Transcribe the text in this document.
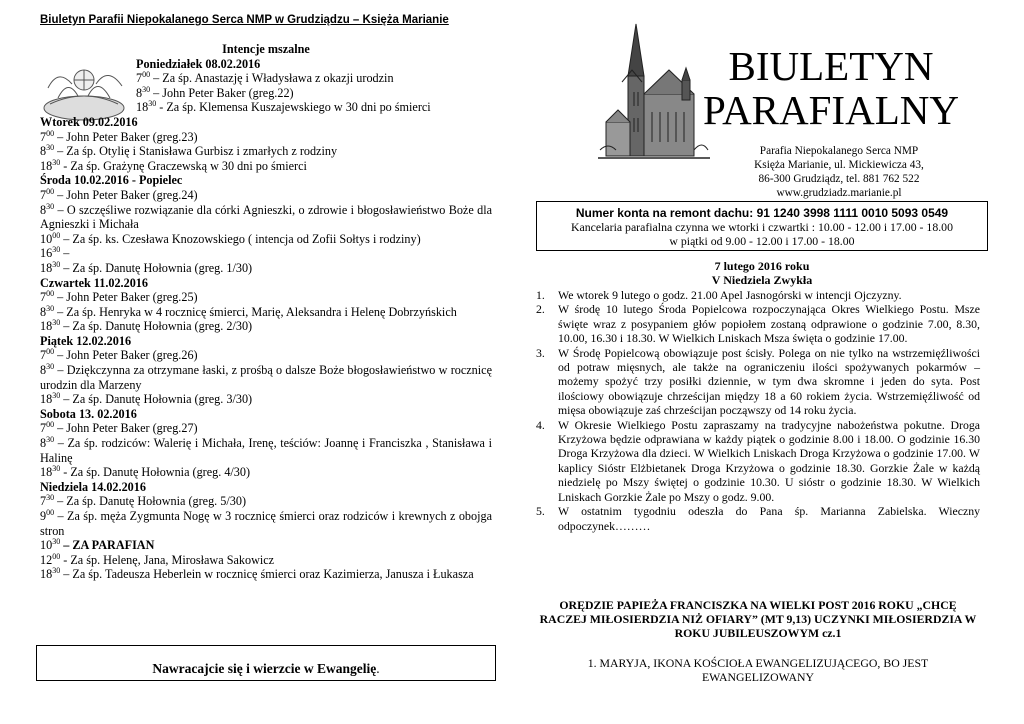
Biuletyn Parafii Niepokalanego Serca NMP w Grudziądzu – Księża Marianie
Intencje mszalne
Poniedziałek 08.02.2016
$7^{00}$ – Za śp. Anastazję i Władysława z okazji urodzin
$8^{30}$ – John Peter Baker (greg.22)
$18^{30}$ - Za śp. Klemensa Kuszajewskiego w 30 dni po śmierci
Wtorek 09.02.2016
$7^{00}$ – John Peter Baker (greg.23)
$8^{30}$ – Za śp. Otylię i Stanisława Gurbisz i zmarłych z rodziny
$18^{30}$ - Za śp. Grażynę Graczewską w 30 dni po śmierci
Środa 10.02.2016 - Popielec
$7^{00}$ – John Peter Baker (greg.24)
$8^{30}$ – O szczęśliwe rozwiązanie dla córki Agnieszki, o zdrowie i błogosławieństwo Boże dla Agnieszki i Michała
$10^{00}$ – Za śp. ks. Czesława Knozowskiego ( intencja od Zofii Sołtys i rodziny)
$16^{30}$ –
$18^{30}$ – Za śp. Danutę Hołownia (greg. 1/30)
Czwartek 11.02.2016
$7^{00}$ – John Peter Baker (greg.25)
$8^{30}$ – Za śp. Henryka w 4 rocznicę śmierci, Marię, Aleksandra i Helenę Dobrzyńskich
$18^{30}$ – Za śp. Danutę Hołownia (greg. 2/30)
Piątek 12.02.2016
$7^{00}$ – John Peter Baker (greg.26)
$8^{30}$ – Dziękczynna za otrzymane łaski, z prośbą o dalsze Boże błogosławieństwo w rocznicę urodzin dla Marzeny
$18^{30}$ – Za śp. Danutę Hołownia (greg. 3/30)
Sobota 13. 02.2016
$7^{00}$ – John Peter Baker (greg.27)
$8^{30}$ – Za śp. rodziców: Walerię i Michała, Irenę, teściów: Joannę i Franciszka , Stanisława i Halinę
$18^{30}$ - Za śp. Danutę Hołownia (greg. 4/30)
Niedziela 14.02.2016
$7^{30}$ – Za śp. Danutę Hołownia (greg. 5/30)
$9^{00}$ – Za śp. męża Zygmunta Nogę w 3 rocznicę śmierci oraz rodziców i krewnych z obojga stron
$10^{30}$ – ZA PARAFIAN
$12^{00}$ - Za śp. Helenę, Jana, Mirosława Sakowicz
$18^{30}$ – Za śp. Tadeusza Heberlein w rocznicę śmierci oraz Kazimierza, Janusza i Łukasza
Nawracajcie się i wierzcie w Ewangelię.
BIULETYN
PARAFIALNY
Parafia Niepokalanego Serca NMP
Księża Marianie, ul. Mickiewicza 43,
86-300 Grudziądz, tel. 881 762 522
www.grudziadz.marianie.pl
Numer konta na remont dachu: 91 1240 3998 1111 0010 5093 0549
Kancelaria parafialna czynna we wtorki i czwartki : 10.00 - 12.00 i 17.00 - 18.00
w piątki od 9.00 - 12.00 i 17.00 - 18.00
7 lutego 2016 roku
V Niedziela Zwykła
1. We wtorek 9 lutego o godz. 21.00 Apel Jasnogórski w intencji Ojczyzny.
2. W środę 10 lutego Środa Popielcowa rozpoczynająca Okres Wielkiego Postu. Msze święte wraz z posypaniem głów popiołem zostaną odprawione o godzinie 7.00, 8.30, 10.00, 16.30 i 18.30. W Wielkich Lniskach Msza święta o godzinie 17.00.
3. W Środę Popielcową obowiązuje post ścisły. Polega on nie tylko na wstrzemięźliwości od potraw mięsnych, ale także na ograniczeniu ilości spożywanych pokarmów – możemy spożyć trzy posiłki dziennie, w tym dwa skromne i jeden do syta. Post ilościowy obowiązuje chrześcijan między 18 a 60 rokiem życia. Wstrzemięźliwość od mięsa obowiązuje zaś chrześcijan począwszy od 14 roku życia.
4. W Okresie Wielkiego Postu zapraszamy na tradycyjne nabożeństwa pokutne. Droga Krzyżowa będzie odprawiana w każdy piątek o godzinie 8.00 i 18.00. O godzinie 16.30 Droga Krzyżowa dla dzieci. W Wielkich Lniskach Droga Krzyżowa o godzinie 17.00. W kaplicy Sióstr Elżbietanek Droga Krzyżowa o godzinie 18.30. Gorzkie Żale w każdą niedzielę po Mszy świętej o godzinie 10.30. U sióstr o godzinie 18.30. W Wielkich Lniskach Gorzkie Żale po Mszy o godz. 9.00.
5. W ostatnim tygodniu odeszła do Pana śp. Marianna Zabielska. Wieczny odpoczynek………
ORĘDZIE PAPIEŻA FRANCISZKA NA WIELKI POST 2016 ROKU „CHCĘ RACZEJ MIŁOSIERDZIA NIŻ OFIARY” (MT 9,13) UCZYNKI MIŁOSIERDZIA W ROKU JUBILEUSZOWYM cz.1
1. MARYJA, IKONA KOŚCIOŁA EWANGELIZUJĄCEGO, BO JEST EWANGELIZOWANY
